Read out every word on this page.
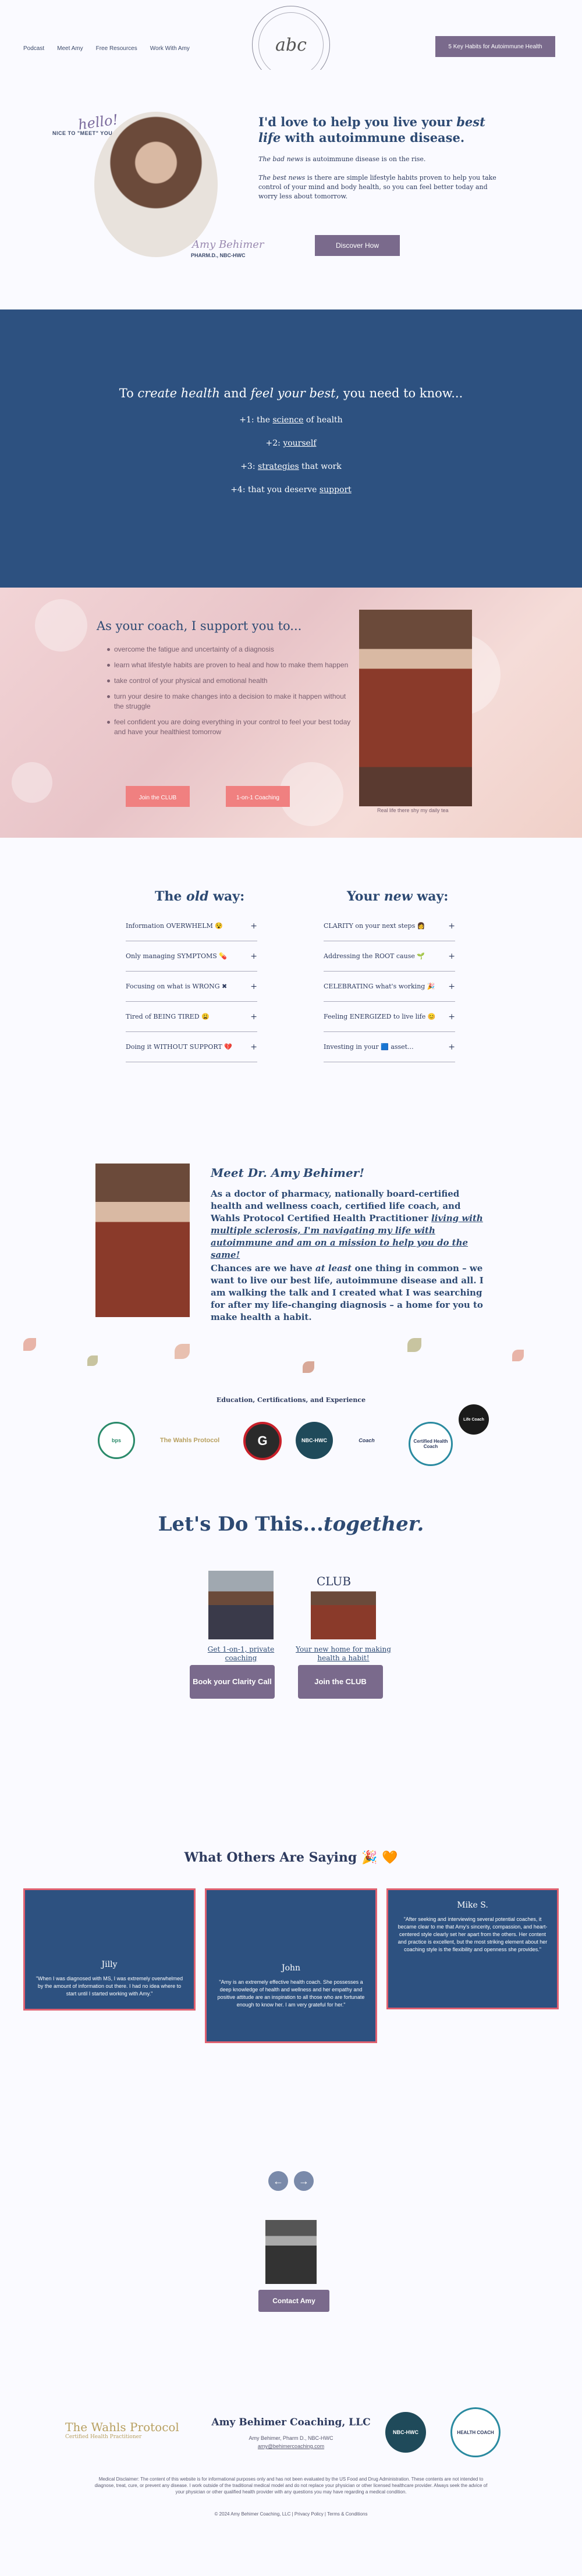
Podcast Meet Amy Free Resources Work With Amy	abc	5 Key Habits for Autoimmune Health
hello!
NICE TO "MEET" YOU
Amy Behimer
PHARM.D., NBC-HWC
I'd love to help you live your best life with autoimmune disease.

The bad news is autoimmune disease is on the rise.

The best news is there are simple lifestyle habits proven to help you take control of your mind and body health, so you can feel better today and worry less about tomorrow.

Discover How
To create health and feel your best, you need to know...
+1: the science of health
+2: yourself
+3: strategies that work
+4: that you deserve support
As your coach, I support you to...
overcome the fatigue and uncertainty of a diagnosis
learn what lifestyle habits are proven to heal and how to make them happen
take control of your physical and emotional health
turn your desire to make changes into a decision to make it happen without the struggle
feel confident you are doing everything in your control to feel your best today and have your healthiest tomorrow
Join the CLUB	1-on-1 Coaching
Real life there shy my daily tea
The old way:	Your new way:
Information OVERWHELM 😵	+
Only managing SYMPTOMS 💊	+
Focusing on what is WRONG ✖	+
Tired of BEING TIRED 😩	+
Doing it WITHOUT SUPPORT 💔 +
CLARITY on your next steps 👩	+
Addressing the ROOT cause 🌱	+
CELEBRATING what's working 🎉 +
Feeling ENERGIZED to live life 😊 +
Investing in your 🟦 asset...	+
Meet Dr. Amy Behimer!

As a doctor of pharmacy, nationally board-certified health and wellness coach, certified life coach, and Wahls Protocol Certified Health Practitioner living with multiple sclerosis, I'm navigating my life with autoimmune and am on a mission to help you do the same!

Chances are we have at least one thing in common – we want to live our best life, autoimmune disease and all. I am walking the talk and I created what I was searching for after my life-changing diagnosis – a home for you to make health a habit.

Education, Certifications, and Experience
bps	The Wahls Protocol	G	NBC-HWC	Coach	Certified Health Coach
Life Coach
Let's Do This...together.
Get 1-on-1, private coaching
CLUB
Your new home for making health a habit!
Book your Clarity Call	Join the CLUB
What Others Are Saying 🎉 🧡
Jilly
"When I was diagnosed with MS, I was extremely overwhelmed by the amount of information out there. I had no idea where to start until I started working with Amy."
John
"Amy is an extremely effective health coach. She possesses a deep knowledge of health and wellness and her empathy and positive attitude are an inspiration to all those who are fortunate enough to know her. I am very grateful for her."
Mike S.
"After seeking and interviewing several potential coaches, it became clear to me that Amy's sincerity, compassion, and heart-centered style clearly set her apart from the others. Her content and practice is excellent, but the most striking element about her coaching style is the flexibility and openness she provides."
←	→
Contact Amy
The Wahls Protocol
Certified Health Practitioner
Amy Behimer Coaching, LLC
Amy Behimer, Pharm D., NBC-HWC
amy@behimercoaching.com
NBC-HWC	HEALTH COACH

Medical Disclaimer: The content of this website is for informational purposes only and has not been evaluated by the US Food and Drug Administration. These contents are not intended to diagnose, treat, cure, or prevent any disease. I work outside of the traditional medical model and do not replace your physician or other licensed healthcare provider. Always seek the advice of your physician or other qualified health provider with any questions you may have regarding a medical condition.

© 2024 Amy Behimer Coaching, LLC | Privacy Policy | Terms & Conditions
